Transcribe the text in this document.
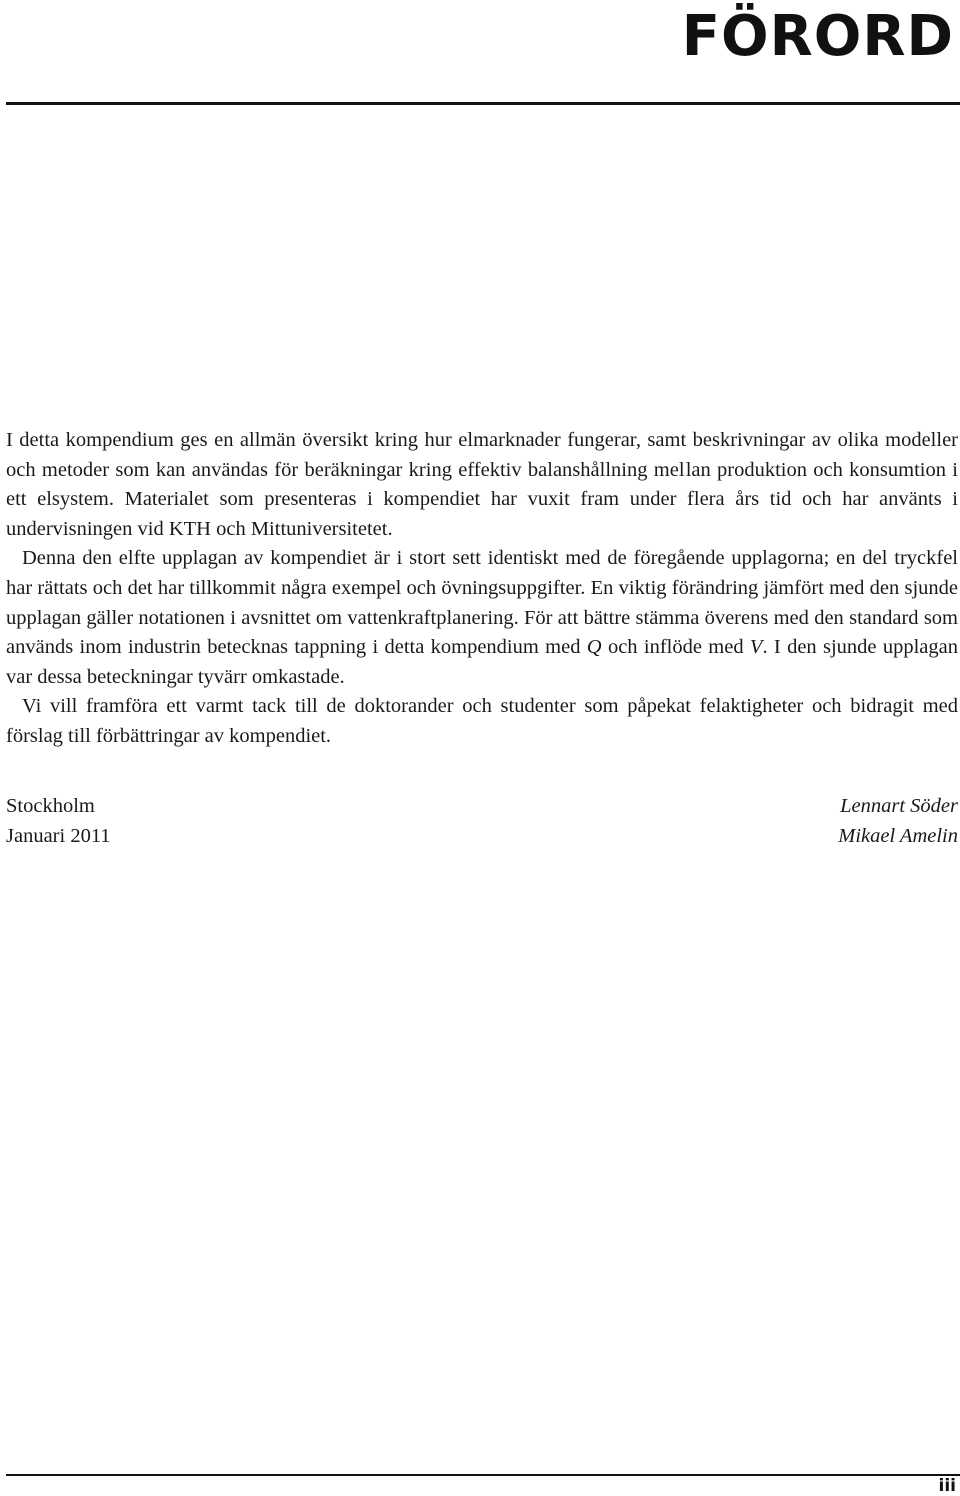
FÖRORD

I detta kompendium ges en allmän översikt kring hur elmarknader fungerar, samt beskrivningar av olika modeller och metoder som kan användas för beräkningar kring effektiv balanshållning mel lan produktion och konsumtion i ett elsystem. Materialet som presenteras i kompendiet har vuxit fram under flera års tid och har använts i undervisningen vid KTH och Mittuniversitetet.

Denna den elfte upplagan av kompendiet är i stort sett identiskt med de föregående upplagorna; en del tryckfel har rättats och det har tillkommit några exempel och övningsuppgifter. En viktig förändring jämfört med den sjunde upplagan gäller notationen i avsnittet om vattenkraftplanering. För att bättre stämma överens med den standard som används inom industrin betecknas tappning i detta kompendium med Q och inflöde med V. I den sjunde upplagan var dessa beteckningar tyvärr omkastade.

Vi vill framföra ett varmt tack till de doktorander och studenter som påpekat felaktigheter och bidragit med förslag till förbättringar av kompendiet.

Stockholm	Lennart Söder
Januari 2011	Mikael Amelin
iii
